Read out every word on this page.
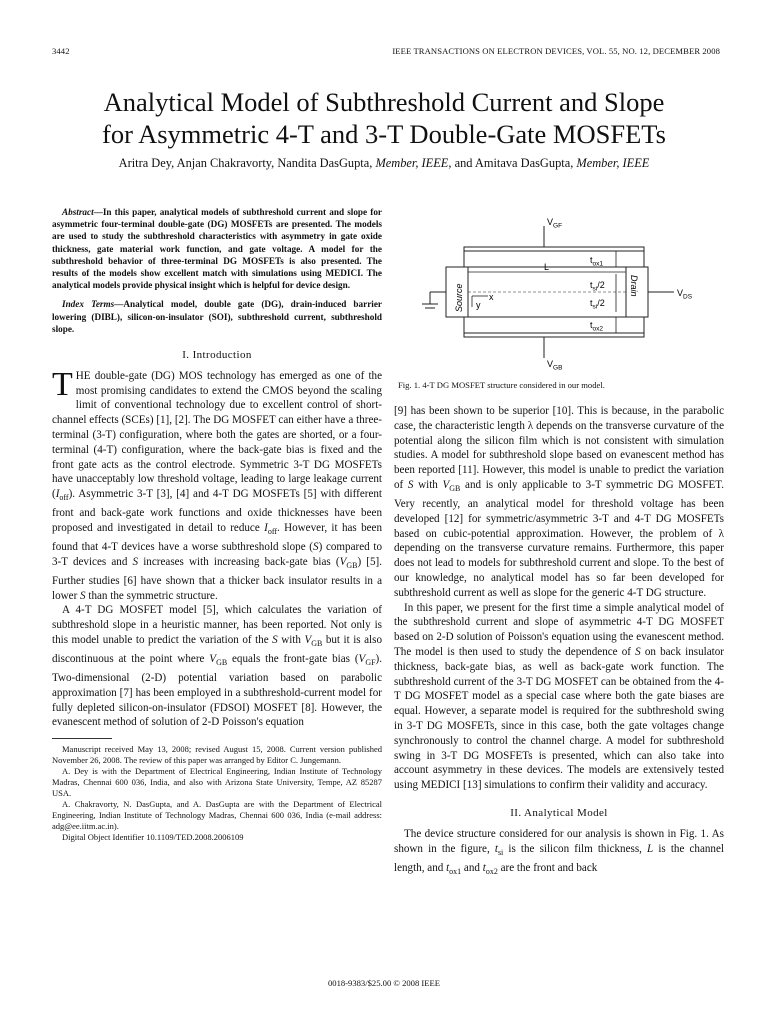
3442	IEEE TRANSACTIONS ON ELECTRON DEVICES, VOL. 55, NO. 12, DECEMBER 2008
Analytical Model of Subthreshold Current and Slope
for Asymmetric 4-T and 3-T Double-Gate MOSFETs
Aritra Dey, Anjan Chakravorty, Nandita DasGupta, Member, IEEE, and Amitava DasGupta, Member, IEEE

Abstract—In this paper, analytical models of subthreshold current and slope for asymmetric four-terminal double-gate (DG) MOSFETs are presented. The models are used to study the subthreshold characteristics with asymmetry in gate oxide thickness, gate material work function, and gate voltage. A model for the subthreshold behavior of three-terminal DG MOSFETs is also presented. The results of the models show excellent match with simulations using MEDICI. The analytical models provide physical insight which is helpful for device design.

Index Terms—Analytical model, double gate (DG), drain-induced barrier lowering (DIBL), silicon-on-insulator (SOI), subthreshold current, subthreshold slope.

I. Introduction

THE double-gate (DG) MOS technology has emerged as one of the most promising candidates to extend the CMOS beyond the scaling limit of conventional technology due to excellent control of short-channel effects (SCEs) [1], [2]. The DG MOSFET can either have a three-terminal (3-T) configuration, where both the gates are shorted, or a four-terminal (4-T) configuration, where the back-gate bias is fixed and the front gate acts as the control electrode. Symmetric 3-T DG MOSFETs have unacceptably low threshold voltage, leading to large leakage current $(I_{off})$. Asymmetric 3-T [3], [4] and 4-T DG MOSFETs [5] with different front and back-gate work functions and oxide thicknesses have been proposed and investigated in detail to reduce $I_{off}$. However, it has been found that 4-T devices have a worse subthreshold slope (S) compared to 3-T devices and S increases with increasing back-gate bias $(V_{GB})$ [5]. Further studies [6] have shown that a thicker back insulator results in a lower S than the symmetric structure.

A 4-T DG MOSFET model [5], which calculates the variation of subthreshold slope in a heuristic manner, has been reported. Not only is this model unable to predict the variation of the S with $V_{GB}$ but it is also discontinuous at the point where $V_{GB}$ equals the front-gate bias $(V_{GF})$. Two-dimensional (2-D) potential variation based on parabolic approximation [7] has been employed in a subthreshold-current model for fully depleted silicon-on-insulator (FDSOI) MOSFET [8]. However, the evanescent method of solution of 2-D Poisson's equation

Manuscript received May 13, 2008; revised August 15, 2008. Current version published November 26, 2008. The review of this paper was arranged by Editor C. Jungemann.

A. Dey is with the Department of Electrical Engineering, Indian Institute of Technology Madras, Chennai 600 036, India, and also with Arizona State University, Tempe, AZ 85287 USA.

A. Chakravorty, N. DasGupta, and A. DasGupta are with the Department of Electrical Engineering, Indian Institute of Technology Madras, Chennai 600 036, India (e-mail address: adg@ee.iitm.ac.in).

Digital Object Identifier 10.1109/TED.2008.2006109

$V_{GF}$
$V_{GB}$
Source	Drain	$V_{DS}$
L
y
x
$t_{ox1}$
$t_{si}/2$
$t_{si}/2$
$t_{ox2}$
Fig. 1. 4-T DG MOSFET structure considered in our model.

[9] has been shown to be superior [10]. This is because, in the parabolic case, the characteristic length λ depends on the transverse curvature of the potential along the silicon film which is not consistent with simulation studies. A model for subthreshold slope based on evanescent method has been reported [11]. However, this model is unable to predict the variation of S with $V_{GB}$ and is only applicable to 3-T symmetric DG MOSFET. Very recently, an analytical model for threshold voltage has been developed [12] for symmetric/asymmetric 3-T and 4-T DG MOSFETs based on cubic-potential approximation. However, the problem of λ depending on the transverse curvature remains. Furthermore, this paper does not lead to models for subthreshold current and slope. To the best of our knowledge, no analytical model has so far been developed for subthreshold current as well as slope for the generic 4-T DG structure.

In this paper, we present for the first time a simple analytical model of the subthreshold current and slope of asymmetric 4-T DG MOSFET based on 2-D solution of Poisson's equation using the evanescent method. The model is then used to study the dependence of S on back insulator thickness, back-gate bias, as well as back-gate work function. The subthreshold current of the 3-T DG MOSFET can be obtained from the 4-T DG MOSFET model as a special case where both the gate biases are equal. However, a separate model is required for the subthreshold swing in 3-T DG MOSFETs, since in this case, both the gate voltages change synchronously to control the channel charge. A model for subthreshold swing in 3-T DG MOSFETs is presented, which can also take into account asymmetry in these devices. The models are extensively tested using MEDICI [13] simulations to confirm their validity and accuracy.

II. Analytical Model

The device structure considered for our analysis is shown in Fig. 1. As shown in the figure, $t_{si}$ is the silicon film thickness, L is the channel length, and $t_{ox1}$ and $t_{ox2}$ are the front and back

0018-9383/$25.00 © 2008 IEEE
